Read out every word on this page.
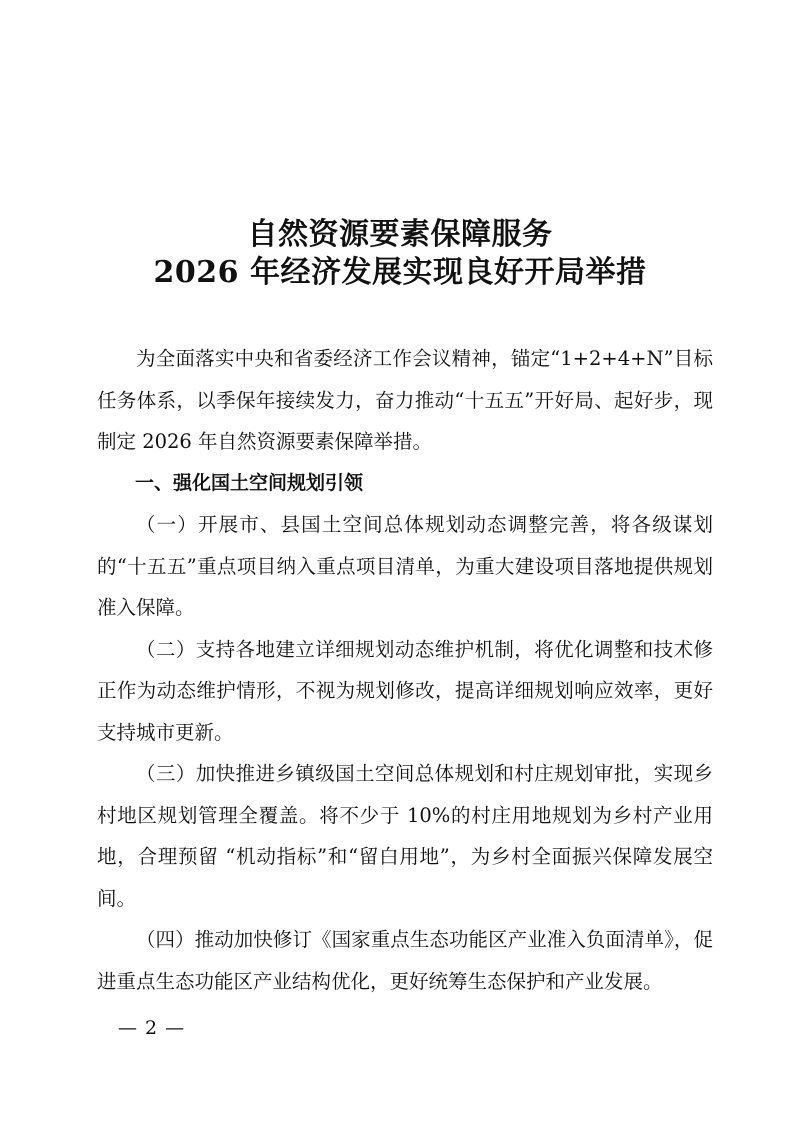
自然资源要素保障服务
2026 年经济发展实现良好开局举措

为全面落实中央和省委经济工作会议精神，锚定“1+2+4+N”目标任务体系，以季保年接续发力，奋力推动“十五五”开好局、起好步，现制定 2026 年自然资源要素保障举措。

一、强化国土空间规划引领

（一）开展市、县国土空间总体规划动态调整完善，将各级谋划的“十五五”重点项目纳入重点项目清单，为重大建设项目落地提供规划准入保障。

（二）支持各地建立详细规划动态维护机制，将优化调整和技术修正作为动态维护情形，不视为规划修改，提高详细规划响应效率，更好支持城市更新。

（三）加快推进乡镇级国土空间总体规划和村庄规划审批，实现乡村地区规划管理全覆盖。将不少于 10%的村庄用地规划为乡村产业用地，合理预留 “机动指标”和“留白用地”，为乡村全面振兴保障发展空间。

（四）推动加快修订《国家重点生态功能区产业准入负面清单》，促进重点生态功能区产业结构优化，更好统筹生态保护和产业发展。

— 2 —
